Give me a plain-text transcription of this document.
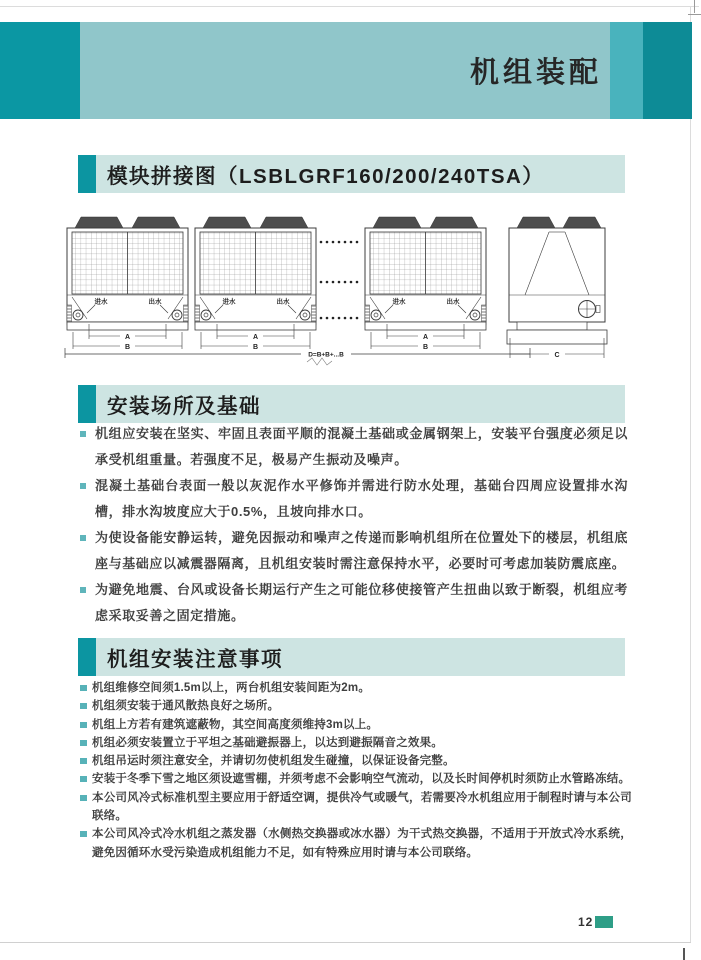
机组装配
模块拼接图（LSBLGRF160/200/240TSA）
A
B
D=B+B+...B	C
安装场所及基础
机组应安装在坚实、牢固且表面平顺的混凝土基础或金属钢架上，安装平台强度必须足以承受机组重量。若强度不足，极易产生振动及噪声。
混凝土基础台表面一般以灰泥作水平修饰并需进行防水处理，基础台四周应设置排水沟槽，排水沟坡度应大于0.5%，且坡向排水口。
为使设备能安静运转，避免因振动和噪声之传递而影响机组所在位置处下的楼层，机组底座与基础应以减震器隔离，且机组安装时需注意保持水平，必要时可考虑加装防震底座。
为避免地震、台风或设备长期运行产生之可能位移使接管产生扭曲以致于断裂，机组应考虑采取妥善之固定措施。
机组安装注意事项
机组维修空间须1.5m以上，两台机组安装间距为2m。
机组须安装于通风散热良好之场所。
机组上方若有建筑遮蔽物，其空间高度须维持3m以上。
机组必须安装置立于平坦之基础避振器上，以达到避振隔音之效果。
机组吊运时须注意安全，并请切勿使机组发生碰撞，以保证设备完整。
安装于冬季下雪之地区须设遮雪棚，并须考虑不会影响空气流动，以及长时间停机时须防止水管路冻结。
本公司风冷式标准机型主要应用于舒适空调，提供冷气或暖气，若需要冷水机组应用于制程时请与本公司联络。
本公司风冷式冷水机组之蒸发器（水侧热交换器或冰水器）为干式热交换器，不适用于开放式冷水系统，避免因循环水受污染造成机组能力不足，如有特殊应用时请与本公司联络。
12
